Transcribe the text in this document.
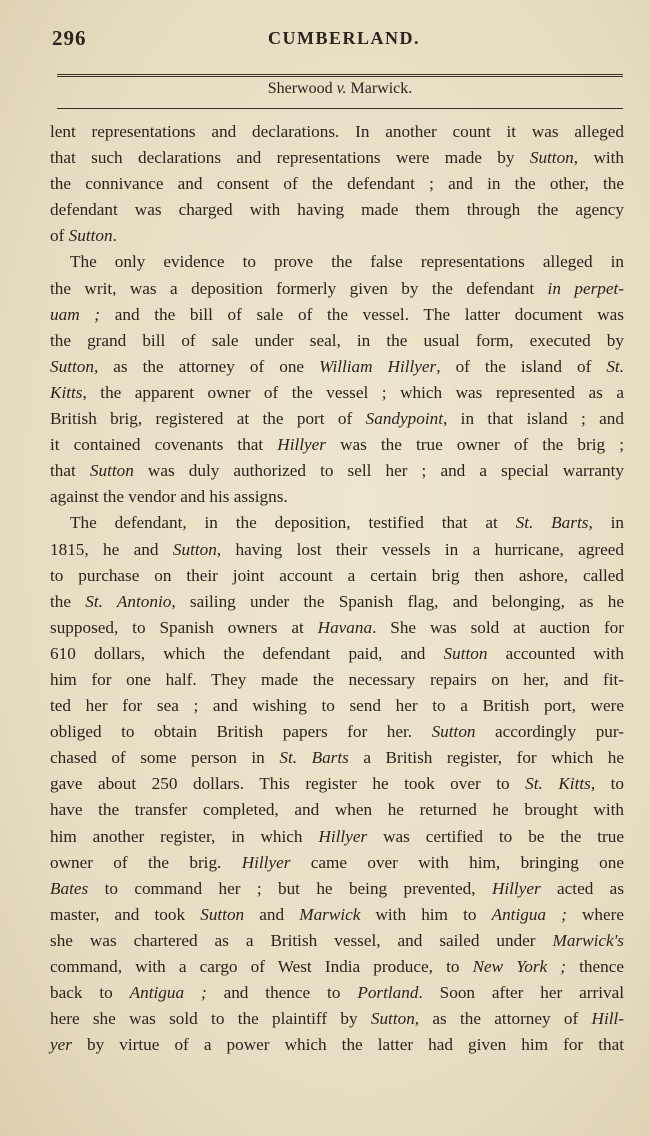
296	CUMBERLAND.
Sherwood v. Marwick.
lent representations and declarations. In another count it was alleged
that such declarations and representations were made by Sutton, with
the connivance and consent of the defendant ; and in the other, the
defendant was charged with having made them through the agency
of Sutton.
The only evidence to prove the false representations alleged in
the writ, was a deposition formerly given by the defendant in perpet-
uam ; and the bill of sale of the vessel. The latter document was
the grand bill of sale under seal, in the usual form, executed by
Sutton, as the attorney of one William Hillyer, of the island of St.
Kitts, the apparent owner of the vessel ; which was represented as a
British brig, registered at the port of Sandypoint, in that island ; and
it contained covenants that Hillyer was the true owner of the brig ;
that Sutton was duly authorized to sell her ; and a special warranty
against the vendor and his assigns.
The defendant, in the deposition, testified that at St. Barts, in
1815, he and Sutton, having lost their vessels in a hurricane, agreed
to purchase on their joint account a certain brig then ashore, called
the St. Antonio, sailing under the Spanish flag, and belonging, as he
supposed, to Spanish owners at Havana. She was sold at auction for
610 dollars, which the defendant paid, and Sutton accounted with
him for one half. They made the necessary repairs on her, and fit-
ted her for sea ; and wishing to send her to a British port, were
obliged to obtain British papers for her. Sutton accordingly pur-
chased of some person in St. Barts a British register, for which he
gave about 250 dollars. This register he took over to St. Kitts, to
have the transfer completed, and when he returned he brought with
him another register, in which Hillyer was certified to be the true
owner of the brig. Hillyer came over with him, bringing one
Bates to command her ; but he being prevented, Hillyer acted as
master, and took Sutton and Marwick with him to Antigua ; where
she was chartered as a British vessel, and sailed under Marwick's
command, with a cargo of West India produce, to New York ; thence
back to Antigua ; and thence to Portland. Soon after her arrival
here she was sold to the plaintiff by Sutton, as the attorney of Hill-
yer by virtue of a power which the latter had given him for that
